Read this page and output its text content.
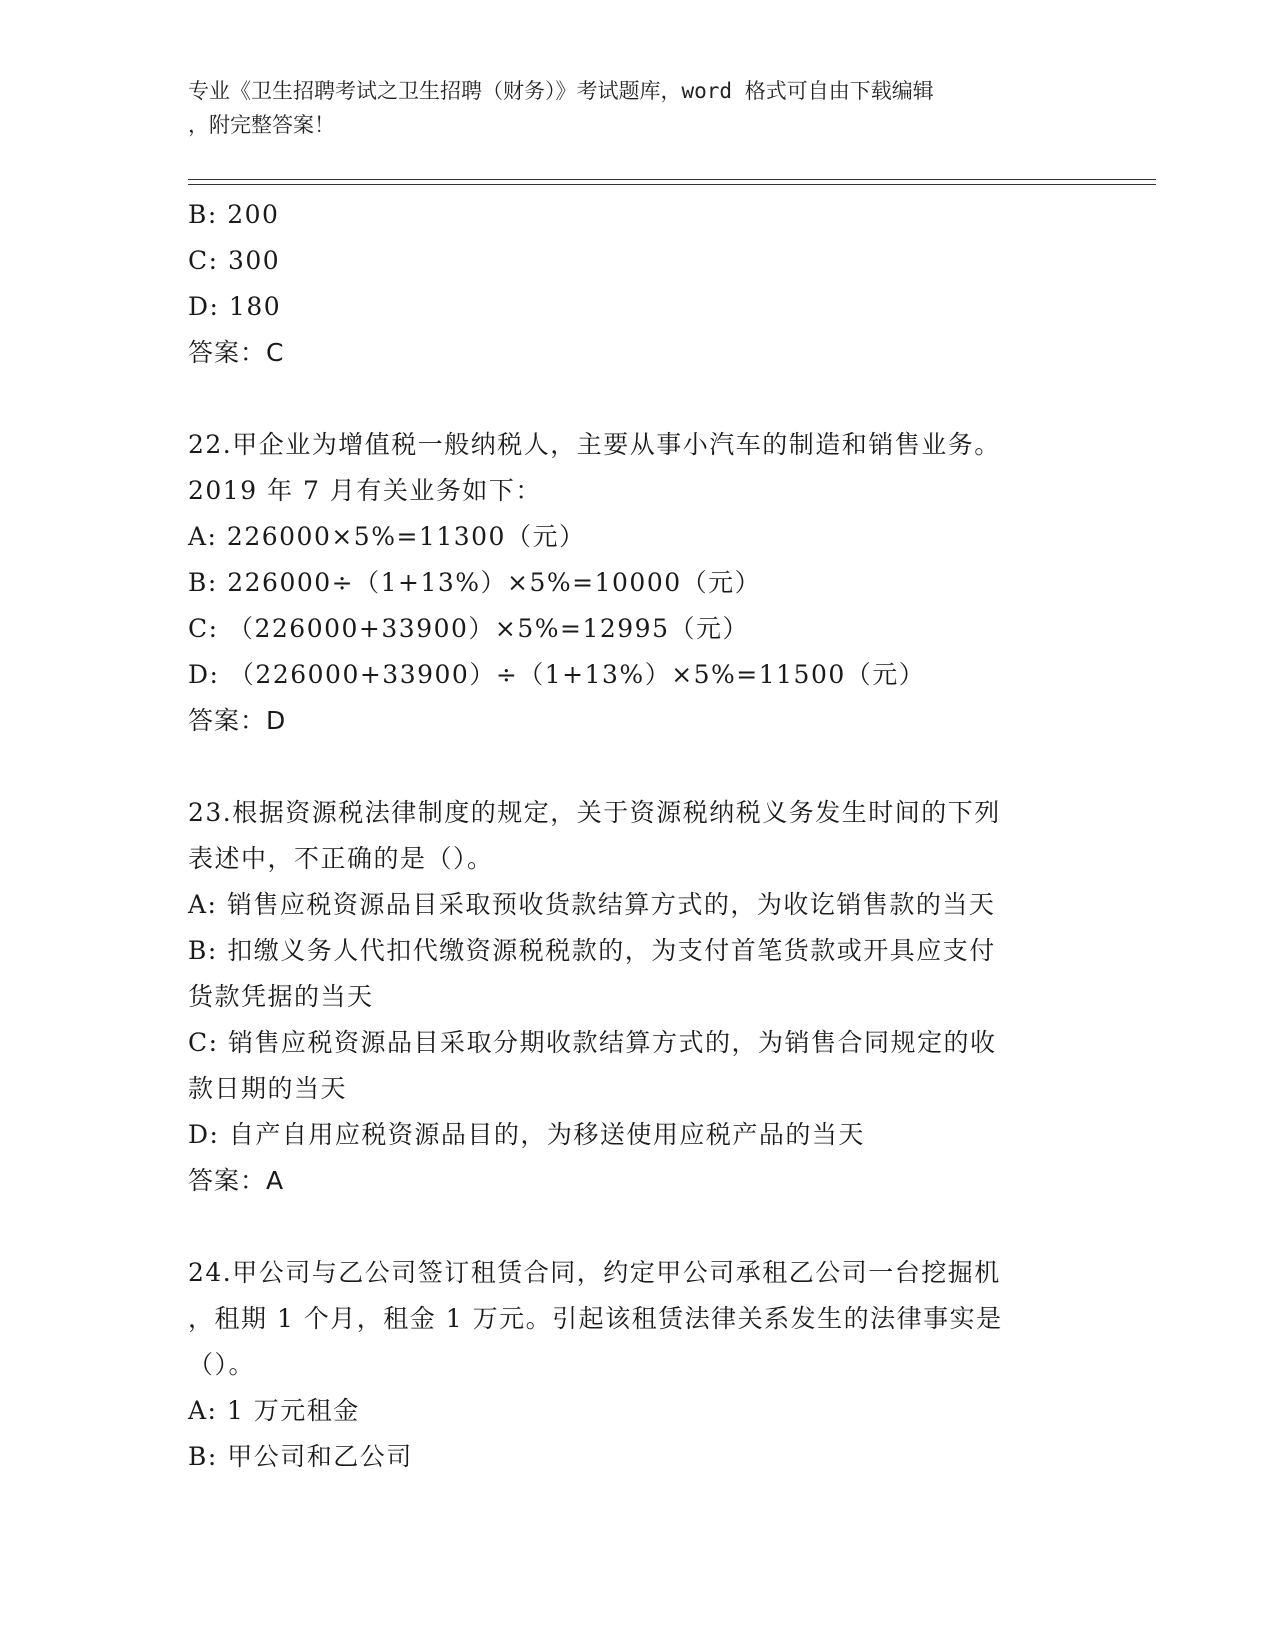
专业《卫生招聘考试之卫生招聘（财务）》考试题库，word 格式可自由下载编辑
，附完整答案！
B: 200
C: 300
D: 180
答案：C
22.甲企业为增值税一般纳税人，主要从事小汽车的制造和销售业务。
2019 年 7 月有关业务如下：
A: 226000×5%=11300（元）
B: 226000÷（1+13%）×5%=10000（元）
C: （226000+33900）×5%=12995（元）
D: （226000+33900）÷（1+13%）×5%=11500（元）
答案：D
23.根据资源税法律制度的规定，关于资源税纳税义务发生时间的下列
表述中，不正确的是（）。
A: 销售应税资源品目采取预收货款结算方式的，为收讫销售款的当天
B: 扣缴义务人代扣代缴资源税税款的，为支付首笔货款或开具应支付
货款凭据的当天
C: 销售应税资源品目采取分期收款结算方式的，为销售合同规定的收
款日期的当天
D: 自产自用应税资源品目的，为移送使用应税产品的当天
答案：A
24.甲公司与乙公司签订租赁合同，约定甲公司承租乙公司一台挖掘机
，租期 1 个月，租金 1 万元。引起该租赁法律关系发生的法律事实是
（）。
A: 1 万元租金
B: 甲公司和乙公司
